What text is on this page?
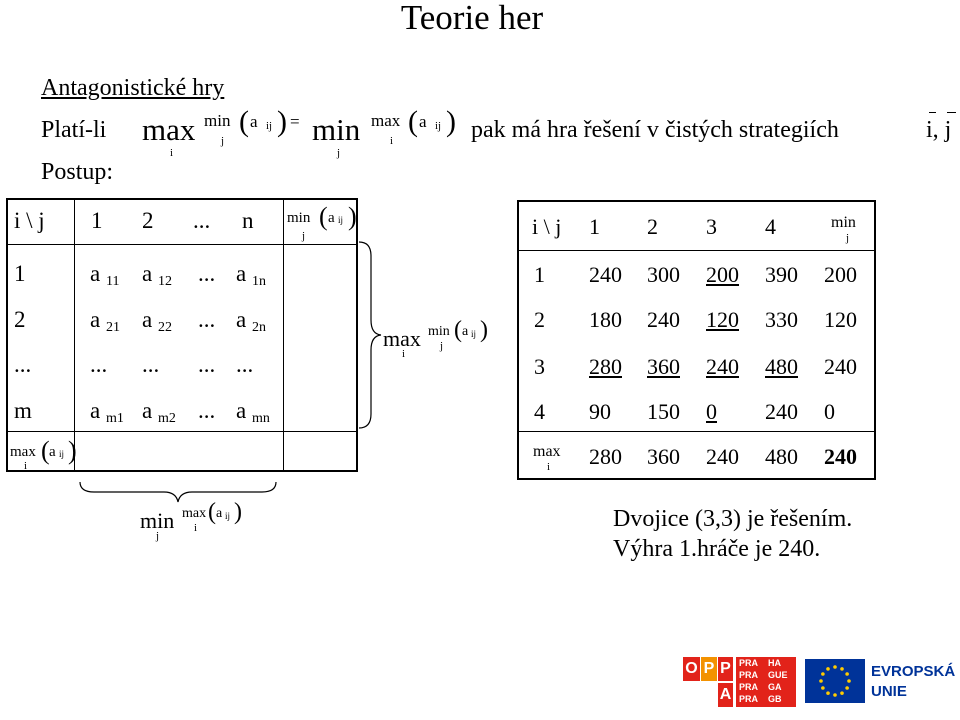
Teorie her
Antagonistické hry
Platí-li max
i
min
j
( a ij ) = min
j
max
i
( a ij ) pak má hra řešení v čistých strategiích	i, j
Postup:
i \ j 1 2 ... n min
j
( a ij )
1	a 11 a 12 ... a 1n
2	a 21 a 22 ... a 2n
...	... ... ... ...
m	a m1 a m2 ... a mn
max
i
( a ij )
max
i
min
j
( a ij )
min
j
max
i
( a ij )
i \ j 1 2 3 4	min
j
1 240 300 200 390 200
2 180 240 120 330 120
3 280 360 240 480 240
4 90 150 0 240 0
max
i 280 360 240 480 240
Dvojice (3,3) je řešením.
Výhra 1.hráče je 240.
O P P
A
PRA HA
PRA GUE
PRA GA
PRA GB
EVROPSKÁ
UNIE
